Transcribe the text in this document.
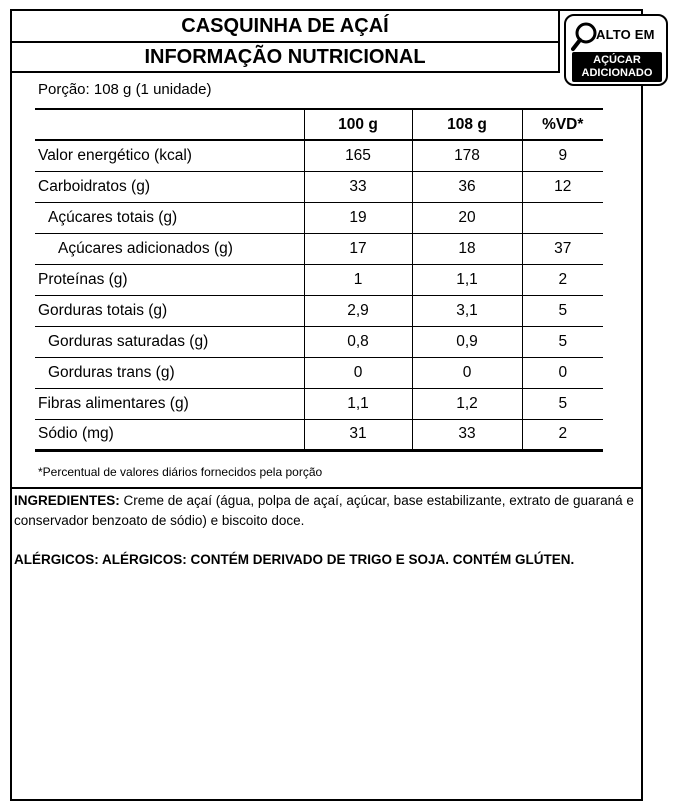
CASQUINHA DE AÇAÍ
INFORMAÇÃO NUTRICIONAL
ALTO EM
AÇÚCAR
ADICIONADO
Porção: 108 g (1 unidade)
	100 g	108 g	%VD*
Valor energético (kcal)	165	178	9
Carboidratos (g)	33	36	12
Açúcares totais (g)	19	20	
Açúcares adicionados (g)	17	18	37
Proteínas (g)	1	1,1	2
Gorduras totais (g)	2,9	3,1	5
Gorduras saturadas (g)	0,8	0,9	5
Gorduras trans (g)	0	0	0
Fibras alimentares (g)	1,1	1,2	5
Sódio (mg)	31	33	2
*Percentual de valores diários fornecidos pela porção
INGREDIENTES: Creme de açaí (água, polpa de açaí, açúcar, base estabilizante, extrato de guaraná e conservador benzoato de sódio) e biscoito doce.
ALÉRGICOS: ALÉRGICOS: CONTÉM DERIVADO DE TRIGO E SOJA. CONTÉM GLÚTEN.
